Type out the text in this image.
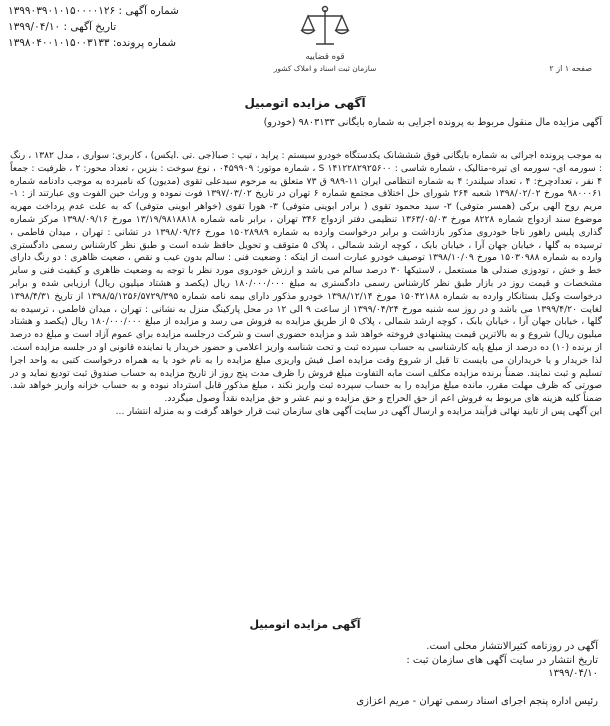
شماره آگهی : ۱۳۹۹۰۳۹۰۱۰۱۵۰۰۰۰۱۲۶
تاریخ آگهی : ۱۳۹۹/۰۴/۱۰
شماره پرونده: ۱۳۹۸۰۴۰۰۱۰۱۵۰۰۳۱۳۳
قوه قضاییه
سازمان ثبت اسناد و املاک کشور	صفحه ۱ از ۲
آگهی مزایده اتومبیل
آگهی مزایده مال منقول مربوط به پرونده اجرایی به شماره بایگانی ۹۸۰۳۱۳۳ (خودرو)

به موجب پرونده اجرائی به شماره بایگانی فوق شششانک یکدستگاه خودرو سیستم : پراید ، تیپ : صبا(جی .تی .ایکس) ، کاربری: سواری ، مدل ۱۳۸۲ ، رنگ : سورمه ای- سورمه ای تیره-متالیک ، شماره شاسی : S ۱۴۱۲۲۸۲۹۲۵۶۰۰ ، شماره موتور: ۰۴۵۹۹۰۹ ، نوع سوخت : بنزین ، تعداد محور: ۲ ، ظرفیت : جمعاً ۴ نفر ، تعدادچرخ: ۴ ، تعداد سیلندر: ۴ به شماره انتظامی ایران ۱۱-۹۸۹ ق ۷۳ متعلق به مرحوم سیدعلی تقوی (مدیون) که نامبرده به موجب دادنامه شماره ۹۸۰۰۰۶۱ مورخ ۱۳۹۸/۰۲/۰۲ شعبه ۲۶۴ شورای حل اختلاف مجتمع شماره ۶ تهران در تاریخ ۱۳۹۷/۰۳/۰۲ فوت نموده و وراث حین الفوت وی عبارتند از : ۱- مریم روح الهی برکی (همسر متوفی) ۲- سید محمود تقوی ( برادر ابوینی متوفی) ۳- هورا تقوی (خواهر ابوینی متوفی) که به علت عدم پرداخت مهریه موضوع سند ازدواج شماره ۸۲۲۸ مورخ ۱۳۶۳/۰۵/۰۳ تنظیمی دفتر ازدواج ۳۴۶ تهران ، برابر نامه شماره ۱۳/۱۹/۹۸۱۸۸۱۸ مورخ ۱۳۹۸/۰۹/۱۶ مرکز شماره گذاری پلیس راهور ناجا خودروی مذکور بازداشت و برابر درخواست وارده به شماره ۱۵۰۲۸۹۸۹ مورخ ۱۳۹۸/۰۹/۲۶ در تشانی : تهران ، میدان فاطمی ، ترسیده به گلها ، خیابان جهان آرا ، خیابان بابک ، کوچه ارشد شمالی ، پلاک ۵ متوقف و تحویل حافظ شده است و طبق نظر کارشناس رسمی دادگستری وارده به شماره ۱۵۰۳۰۹۸۸ مورخ ۱۳۹۸/۱۰/۰۹ توصیف خودرو عبارت است از اینکه : وضعیت فنی : سالم بدون عیب و نقص ، ضعیت ظاهری : دو رنگ دارای خط و خش ، تودوزی صندلی ها مستعمل ، لاستیکها ۳۰ درصد سالم می باشد و ارزش خودروی مورد نظر با توجه به وضعیت ظاهری و کیفیت فنی و سایر مشخصات و قیمت روز در بازار طبق نظر کارشناس رسمی دادگستری به مبلغ ۱۸۰/۰۰۰/۰۰۰ ریال (یکصد و هشتاد میلیون ریال) ارزیابی شده و برابر درخواست وکیل بستانکار وارده به شماره ۱۵۰۴۲۱۸۸ مورخ ۱۳۹۸/۱۲/۱۴ خودرو مذکور دارای بیمه نامه شماره ۱۳۹۸/۵/۱۲۵۶/۵۷۲۹/۳۹۵ از تاریخ ۱۳۹۸/۴/۳۱ لغایت ۱۳۹۹/۴/۲۰ می باشد و در روز سه شنبه مورخ ۱۳۹۹/۰۴/۲۴ از ساعت ۹ الی ۱۲ در محل پارکینگ منزل به نشانی : تهران ، میدان فاطمی ، ترسیده به گلها ، خیابان جهان آرا ، خیابان بابک ، کوچه ارشد شمالی ، پلاک ۵ از طریق مزایده به فروش می رسد و مزایده از مبلغ ۱۸۰/۰۰۰/۰۰۰ ریال (یکصد و هشتاد میلیون ریال) شروع و به بالاترین قیمت پیشنهادی فروخته خواهد شد و مزایده حضوری است و شرکت درجلسه مزایده برای عموم آزاد است و مبلغ ده درصد از برنده (۱۰) ده درصد از مبلغ پایه کارشناسی به حساب سپرده ثبت و تحت شناسه واریز اعلامی و حضور خریدار یا نماینده قانونی او در جلسه مزایده است. لذا خریدار و یا خریداران می بایست تا قبل از شروع وقت مزایده اصل فیش واریزی مبلغ مزایده را به نام خود یا به همراه درخواست کتبی به واحد اجرا تسلیم و ثبت نمایند. ضمناً برنده مزایده مکلف است مابه التفاوت مبلغ فروش را ظرف مدت پنج روز از تاریخ مزایده به حساب صندوق ثبت تودیع نماید و در صورتی که ظرف مهلت مقرر، مانده مبلغ مزایده را به حساب سپرده ثبت واریز نکند ، مبلغ مذکور قابل استرداد نبوده و به حساب خزانه واریز خواهد شد. ضمناً کلیه هزینه های مربوط به فروش اعم از حق الحراج و حق مزایده و نیم عشر و حق مزایده نقداً وصول میگردد.

این آگهی پس از تایید نهائی فرآیند مزایده و ارسال آگهی در سایت آگهی های سازمان ثبت قرار خواهد گرفت و به منزله انتشار ...

آگهی مزایده اتومبیل
آگهی در روزنامه کثیرالانتشار محلی است.
تاریخ انتشار در سایت آگهی های سازمان ثبت :
۱۳۹۹/۰۴/۱۰
رئیس اداره پنجم اجرای اسناد رسمی تهران - مریم اعزازی
